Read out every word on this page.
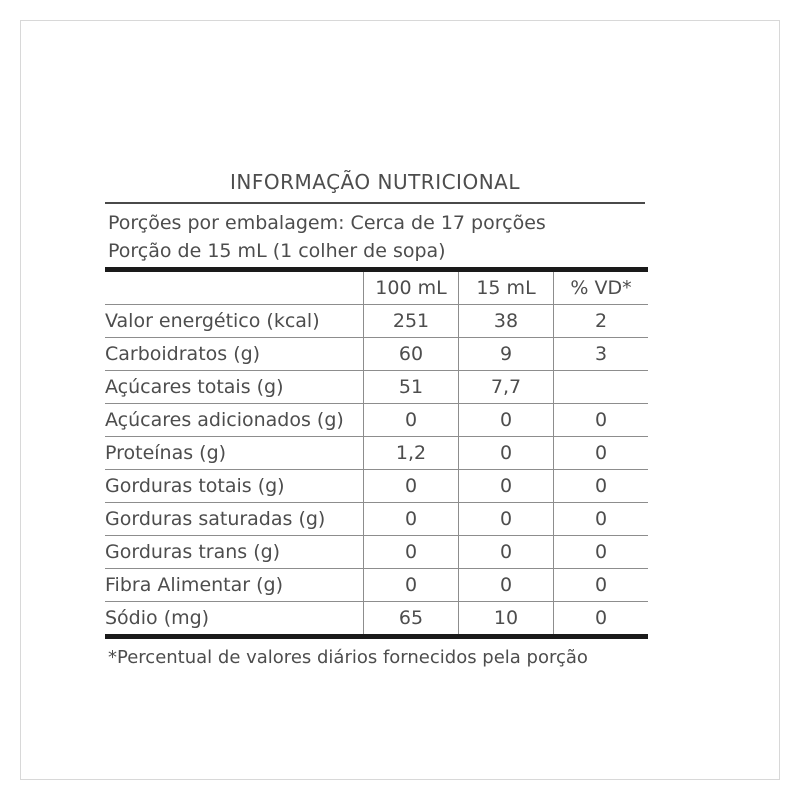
INFORMAÇÃO NUTRICIONAL
Porções por embalagem: Cerca de 17 porções
Porção de 15 mL (1 colher de sopa)
	100 mL	15 mL	% VD*
Valor energético (kcal)	251	38	2
Carboidratos (g)	60	9	3
Açúcares totais (g)	51	7,7	
Açúcares adicionados (g)	0	0	0
Proteínas (g)	1,2	0	0
Gorduras totais (g)	0	0	0
Gorduras saturadas (g)	0	0	0
Gorduras trans (g)	0	0	0
Fibra Alimentar (g)	0	0	0
Sódio (mg)	65	10	0
*Percentual de valores diários fornecidos pela porção
